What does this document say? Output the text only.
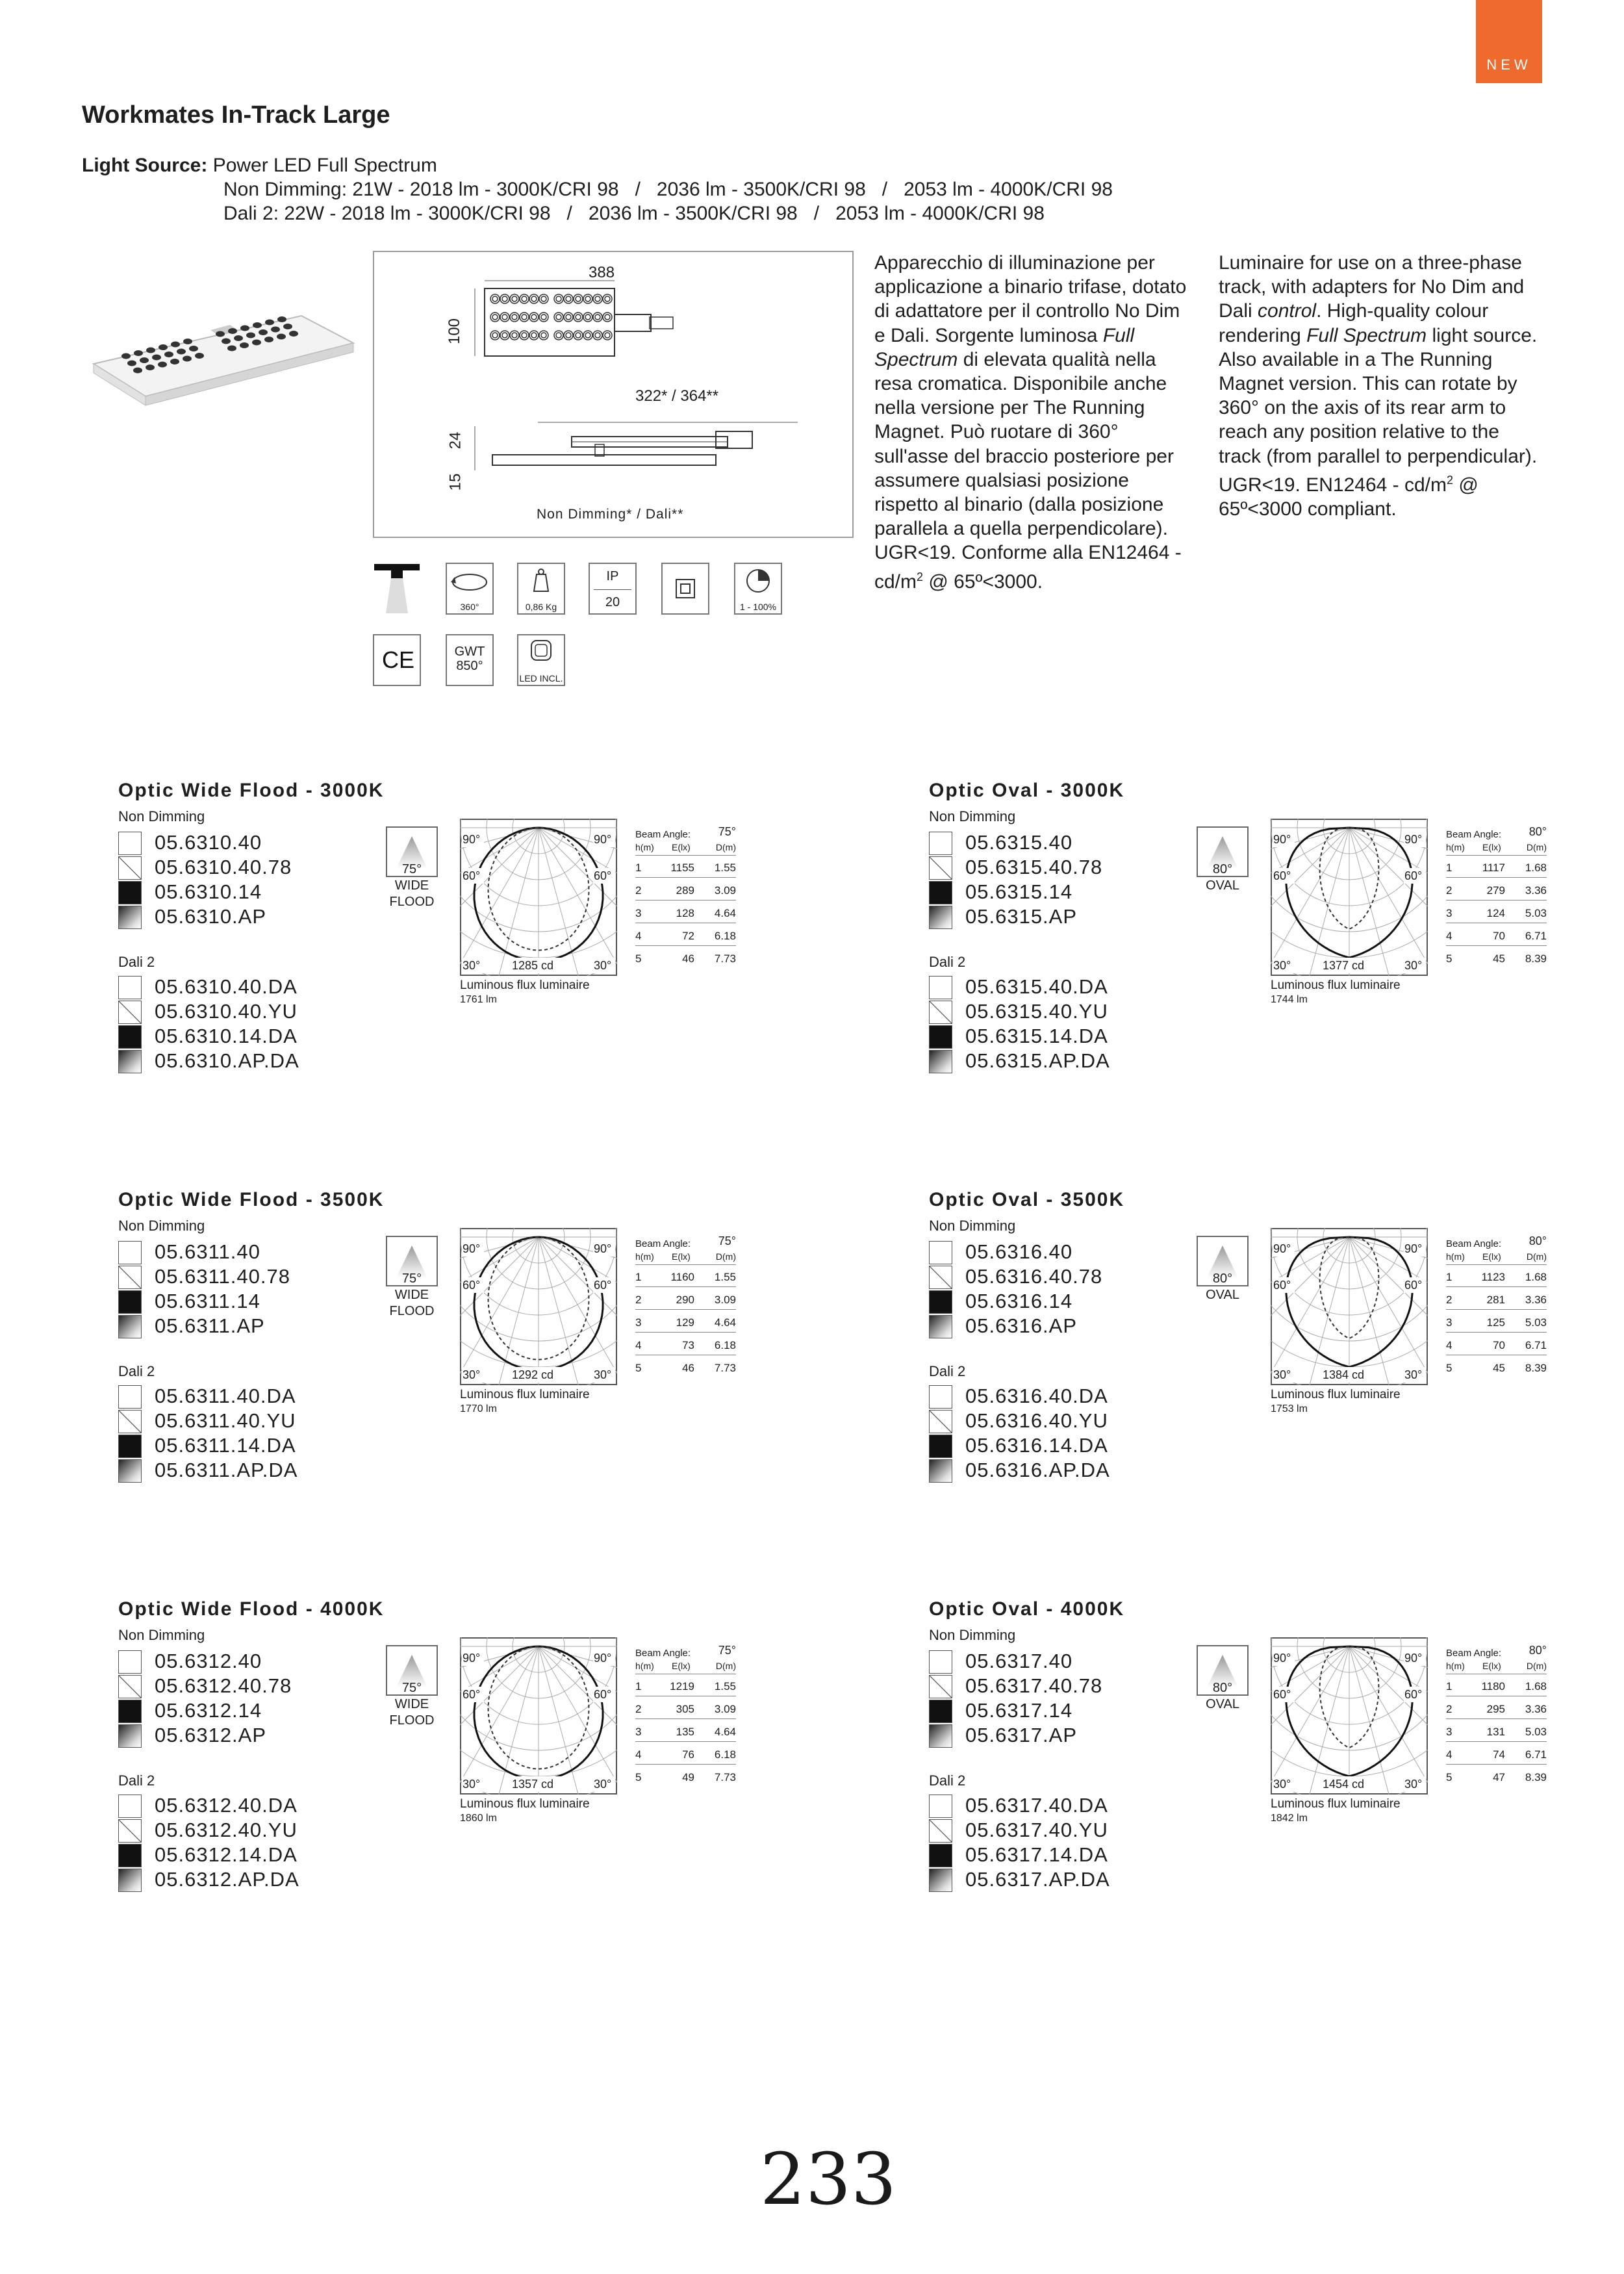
NEW
Workmates In-Track Large
Light Source: Power LED Full Spectrum
Non Dimming: 21W - 2018 lm - 3000K/CRI 98   /   2036 lm - 3500K/CRI 98   /   2053 lm - 4000K/CRI 98
Dali 2: 22W - 2018 lm - 3000K/CRI 98   /   2036 lm - 3500K/CRI 98   /   2053 lm - 4000K/CRI 98
388
100
322* / 364**
24
15
Non Dimming* / Dali**
360°	0,86 Kg
IP
20	1 - 100%
CE	GWT
850°
LED INCL.

Apparecchio di illuminazione per applicazione a binario trifase, dotato di adattatore per il controllo No Dim e Dali. Sorgente luminosa Full Spectrum di elevata qualità nella resa cromatica. Disponibile anche nella versione per The Running Magnet. Può ruotare di 360° sull'asse del braccio posteriore per assumere qualsiasi posizione rispetto al binario (dalla posizione parallela a quella perpendicolare). UGR<19. Conforme alla $EN12464 - cd/m^2$ @ 65º<3000.

Luminaire for use on a three-phase track, with adapters for No Dim and Dali control. High-quality colour rendering Full Spectrum light source. Also available in a The Running Magnet version. This can rotate by 360° on the axis of its rear arm to reach any position relative to the track (from parallel to perpendicular). UGR<19. $EN12464 - cd/m^2$ @ 65º<3000 compliant.

Optic Wide Flood - 3000K
Non Dimming
05.6310.40
05.6310.40.78
05.6310.14
05.6310.AP
Dali 2
05.6310.40.DA
05.6310.40.YU
05.6310.14.DA
05.6310.AP.DA
75°
WIDE
FLOOD
90°	90°
60°	60°
30°	30°
1285 cd
Luminous flux luminaire
1761 lm
Beam Angle: 75°
h(m) E(lx)	D(m)
1	1155 1.55
2	289 3.09
3	128 4.64
4	72 6.18
5	46 7.73
Optic Oval - 3000K
Non Dimming
05.6315.40
05.6315.40.78
05.6315.14
05.6315.AP
Dali 2
05.6315.40.DA
05.6315.40.YU
05.6315.14.DA
05.6315.AP.DA
80°
OVAL
90°	90°
60°	60°
30°	30°
1377 cd
Luminous flux luminaire
1744 lm
Beam Angle: 80°
h(m) E(lx)	D(m)
1	1117 1.68
2	279 3.36
3	124 5.03
4	70 6.71
5	45 8.39
Optic Wide Flood - 3500K
Non Dimming
05.6311.40
05.6311.40.78
05.6311.14
05.6311.AP
Dali 2
05.6311.40.DA
05.6311.40.YU
05.6311.14.DA
05.6311.AP.DA
75°
WIDE
FLOOD
90°	90°
60°	60°
30°	30°
1292 cd
Luminous flux luminaire
1770 lm
Beam Angle: 75°
h(m) E(lx)	D(m)
1	1160 1.55
2	290 3.09
3	129 4.64
4	73 6.18
5	46 7.73
Optic Oval - 3500K
Non Dimming
05.6316.40
05.6316.40.78
05.6316.14
05.6316.AP
Dali 2
05.6316.40.DA
05.6316.40.YU
05.6316.14.DA
05.6316.AP.DA
80°
OVAL
90°	90°
60°	60°
30°	30°
1384 cd
Luminous flux luminaire
1753 lm
Beam Angle: 80°
h(m) E(lx)	D(m)
1	1123 1.68
2	281 3.36
3	125 5.03
4	70 6.71
5	45 8.39
Optic Wide Flood - 4000K
Non Dimming
05.6312.40
05.6312.40.78
05.6312.14
05.6312.AP
Dali 2
05.6312.40.DA
05.6312.40.YU
05.6312.14.DA
05.6312.AP.DA
75°
WIDE
FLOOD
90°	90°
60°	60°
30°	30°
1357 cd
Luminous flux luminaire
1860 lm
Beam Angle: 75°
h(m) E(lx)	D(m)
1	1219 1.55
2	305 3.09
3	135 4.64
4	76 6.18
5	49 7.73
Optic Oval - 4000K
Non Dimming
05.6317.40
05.6317.40.78
05.6317.14
05.6317.AP
Dali 2
05.6317.40.DA
05.6317.40.YU
05.6317.14.DA
05.6317.AP.DA
80°
OVAL
90°	90°
60°	60°
30°	30°
1454 cd
Luminous flux luminaire
1842 lm
Beam Angle: 80°
h(m) E(lx)	D(m)
1	1180 1.68
2	295 3.36
3	131 5.03
4	74 6.71
5	47 8.39
233
